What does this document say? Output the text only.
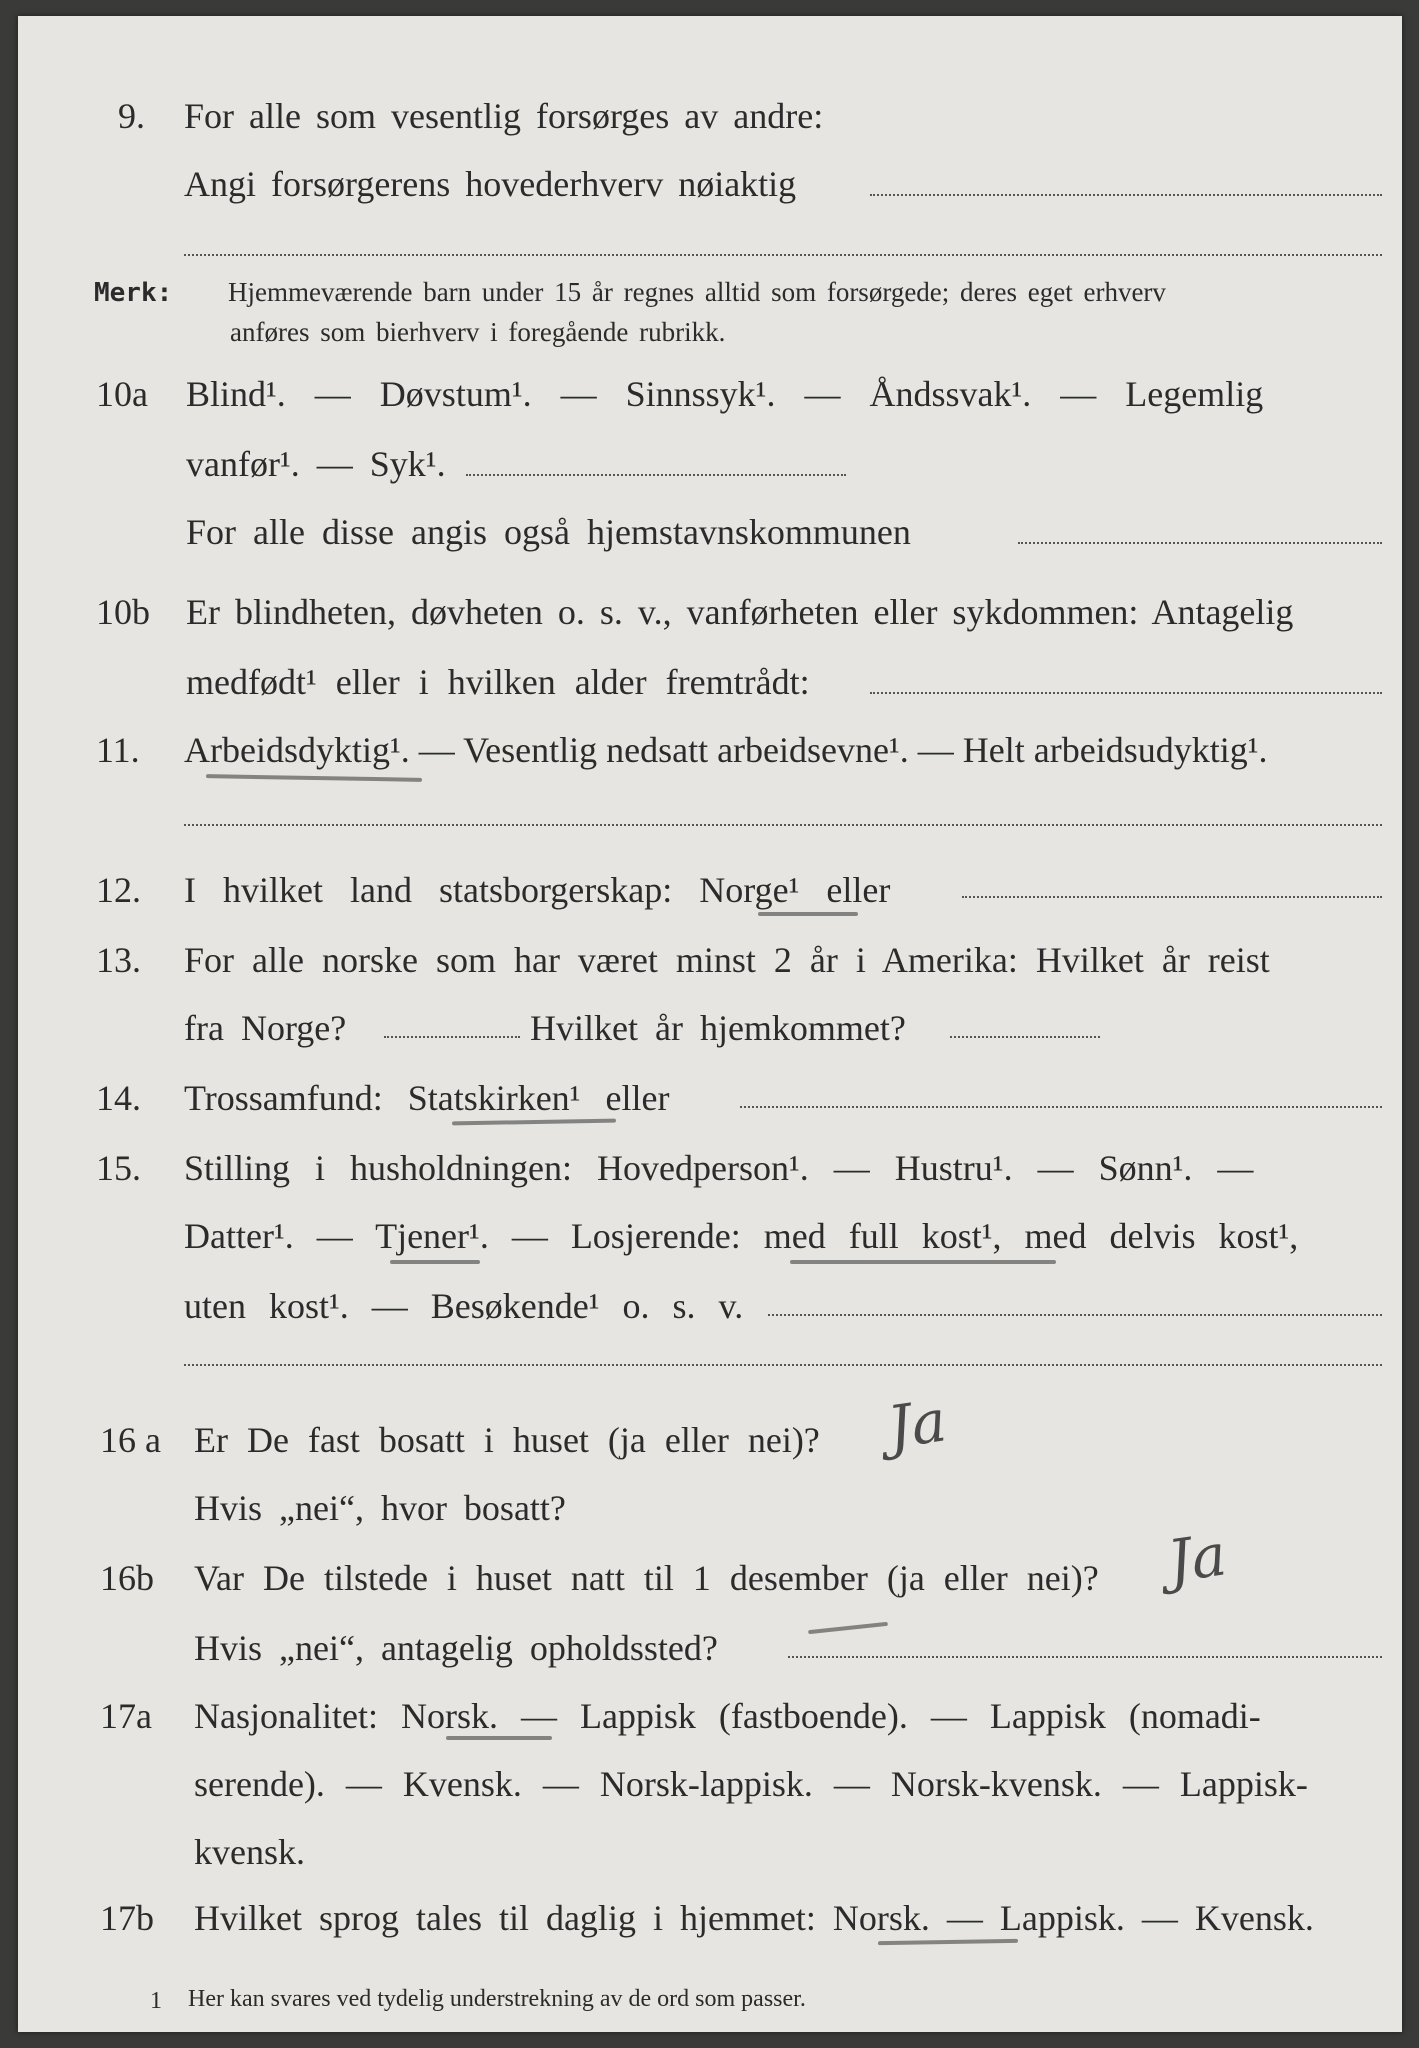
9. For alle som vesentlig forsørges av andre:
Angi forsørgerens hovederhverv nøiaktig
Merk: Hjemmeværende barn under 15 år regnes alltid som forsørgede; deres eget erhverv
anføres som bierhverv i foregående rubrikk.
10a Blind¹. — Døvstum¹. — Sinnssyk¹. — Åndssvak¹. — Legemlig
vanfør¹. — Syk¹.
For alle disse angis også hjemstavnskommunen
10b Er blindheten, døvheten o. s. v., vanførheten eller sykdommen: Antagelig
medfødt¹ eller i hvilken alder fremtrådt:
11. Arbeidsdyktig¹. — Vesentlig nedsatt arbeidsevne¹. — Helt arbeidsudyktig¹.
12. I hvilket land statsborgerskap: Norge¹ eller
13. For alle norske som har været minst 2 år i Amerika: Hvilket år reist
fra Norge?	Hvilket år hjemkommet?
14. Trossamfund: Statskirken¹ eller
15. Stilling i husholdningen: Hovedperson¹. — Hustru¹. — Sønn¹. —
Datter¹. — Tjener¹. — Losjerende: med full kost¹, med delvis kost¹,
uten kost¹. — Besøkende¹ o. s. v.
16 a Er De fast bosatt i huset (ja eller nei)? Ja
Hvis „nei“, hvor bosatt?
16b Var De tilstede i huset natt til 1 desember (ja eller nei)? Ja
Hvis „nei“, antagelig opholdssted?
17a Nasjonalitet: Norsk. — Lappisk (fastboende). — Lappisk (nomadi-
serende). — Kvensk. — Norsk-lappisk. — Norsk-kvensk. — Lappisk-
kvensk.
17b Hvilket sprog tales til daglig i hjemmet: Norsk. — Lappisk. — Kvensk.
1 Her kan svares ved tydelig understrekning av de ord som passer.
